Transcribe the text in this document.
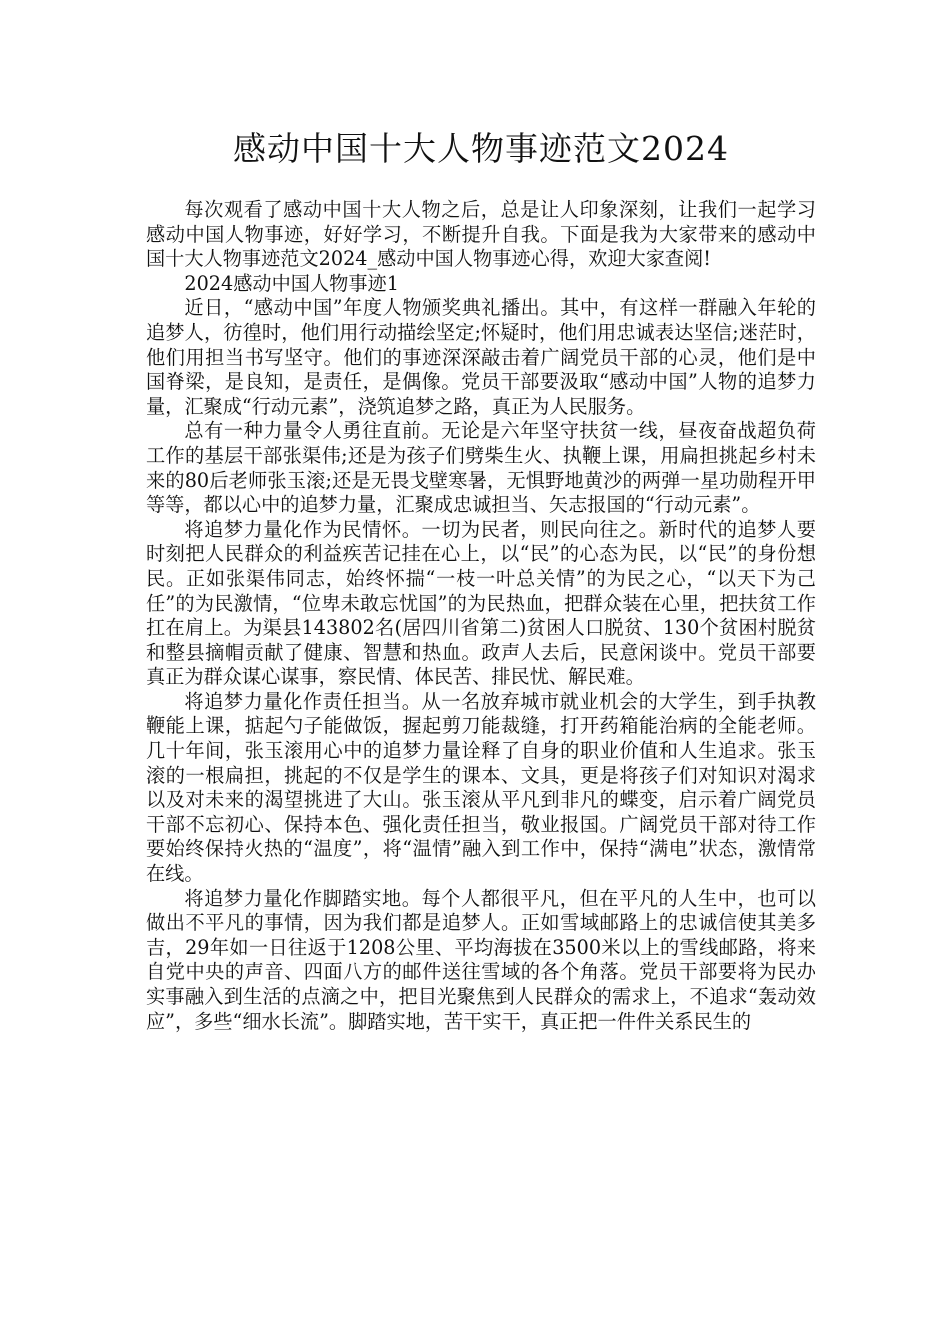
感动中国十大人物事迹范文2024

每次观看了感动中国十大人物之后，总是让人印象深刻，让我们一起学习感动中国人物事迹，好好学习，不断提升自我。下面是我为大家带来的感动中国十大人物事迹范文2024_感动中国人物事迹心得，欢迎大家查阅!

2024感动中国人物事迹1

近日，“感动中国”年度人物颁奖典礼播出。其中，有这样一群融入年轮的追梦人，彷徨时，他们用行动描绘坚定;怀疑时，他们用忠诚表达坚信;迷茫时，他们用担当书写坚守。他们的事迹深深敲击着广阔党员干部的心灵，他们是中国脊梁，是良知，是责任，是偶像。党员干部要汲取“感动中国”人物的追梦力量，汇聚成“行动元素”，浇筑追梦之路，真正为人民服务。

总有一种力量令人勇往直前。无论是六年坚守扶贫一线，昼夜奋战超负荷工作的基层干部张渠伟;还是为孩子们劈柴生火、执鞭上课，用扁担挑起乡村未来的80后老师张玉滚;还是无畏戈壁寒暑，无惧野地黄沙的两弹一星功勋程开甲等等，都以心中的追梦力量，汇聚成忠诚担当、矢志报国的“行动元素”。

将追梦力量化作为民情怀。一切为民者，则民向往之。新时代的追梦人要时刻把人民群众的利益疾苦记挂在心上，以“民”的心态为民，以“民”的身份想民。正如张渠伟同志，始终怀揣“一枝一叶总关情”的为民之心，“以天下为己任”的为民激情，“位卑未敢忘忧国”的为民热血，把群众装在心里，把扶贫工作扛在肩上。为渠县143802名(居四川省第二)贫困人口脱贫、130个贫困村脱贫和整县摘帽贡献了健康、智慧和热血。政声人去后，民意闲谈中。党员干部要真正为群众谋心谋事，察民情、体民苦、排民忧、解民难。

将追梦力量化作责任担当。从一名放弃城市就业机会的大学生，到手执教鞭能上课，掂起勺子能做饭，握起剪刀能裁缝，打开药箱能治病的全能老师。几十年间，张玉滚用心中的追梦力量诠释了自身的职业价值和人生追求。张玉滚的一根扁担，挑起的不仅是学生的课本、文具，更是将孩子们对知识对渴求以及对未来的渴望挑进了大山。张玉滚从平凡到非凡的蝶变，启示着广阔党员干部不忘初心、保持本色、强化责任担当，敬业报国。广阔党员干部对待工作要始终保持火热的“温度”，将“温情”融入到工作中，保持“满电”状态，激情常在线。

将追梦力量化作脚踏实地。每个人都很平凡，但在平凡的人生中，也可以做出不平凡的事情，因为我们都是追梦人。正如雪域邮路上的忠诚信使其美多吉，29年如一日往返于1208公里、平均海拔在3500米以上的雪线邮路，将来自党中央的声音、四面八方的邮件送往雪域的各个角落。党员干部要将为民办实事融入到生活的点滴之中，把目光聚焦到人民群众的需求上，不追求“轰动效应”，多些“细水长流”。脚踏实地，苦干实干，真正把一件件关系民生的
